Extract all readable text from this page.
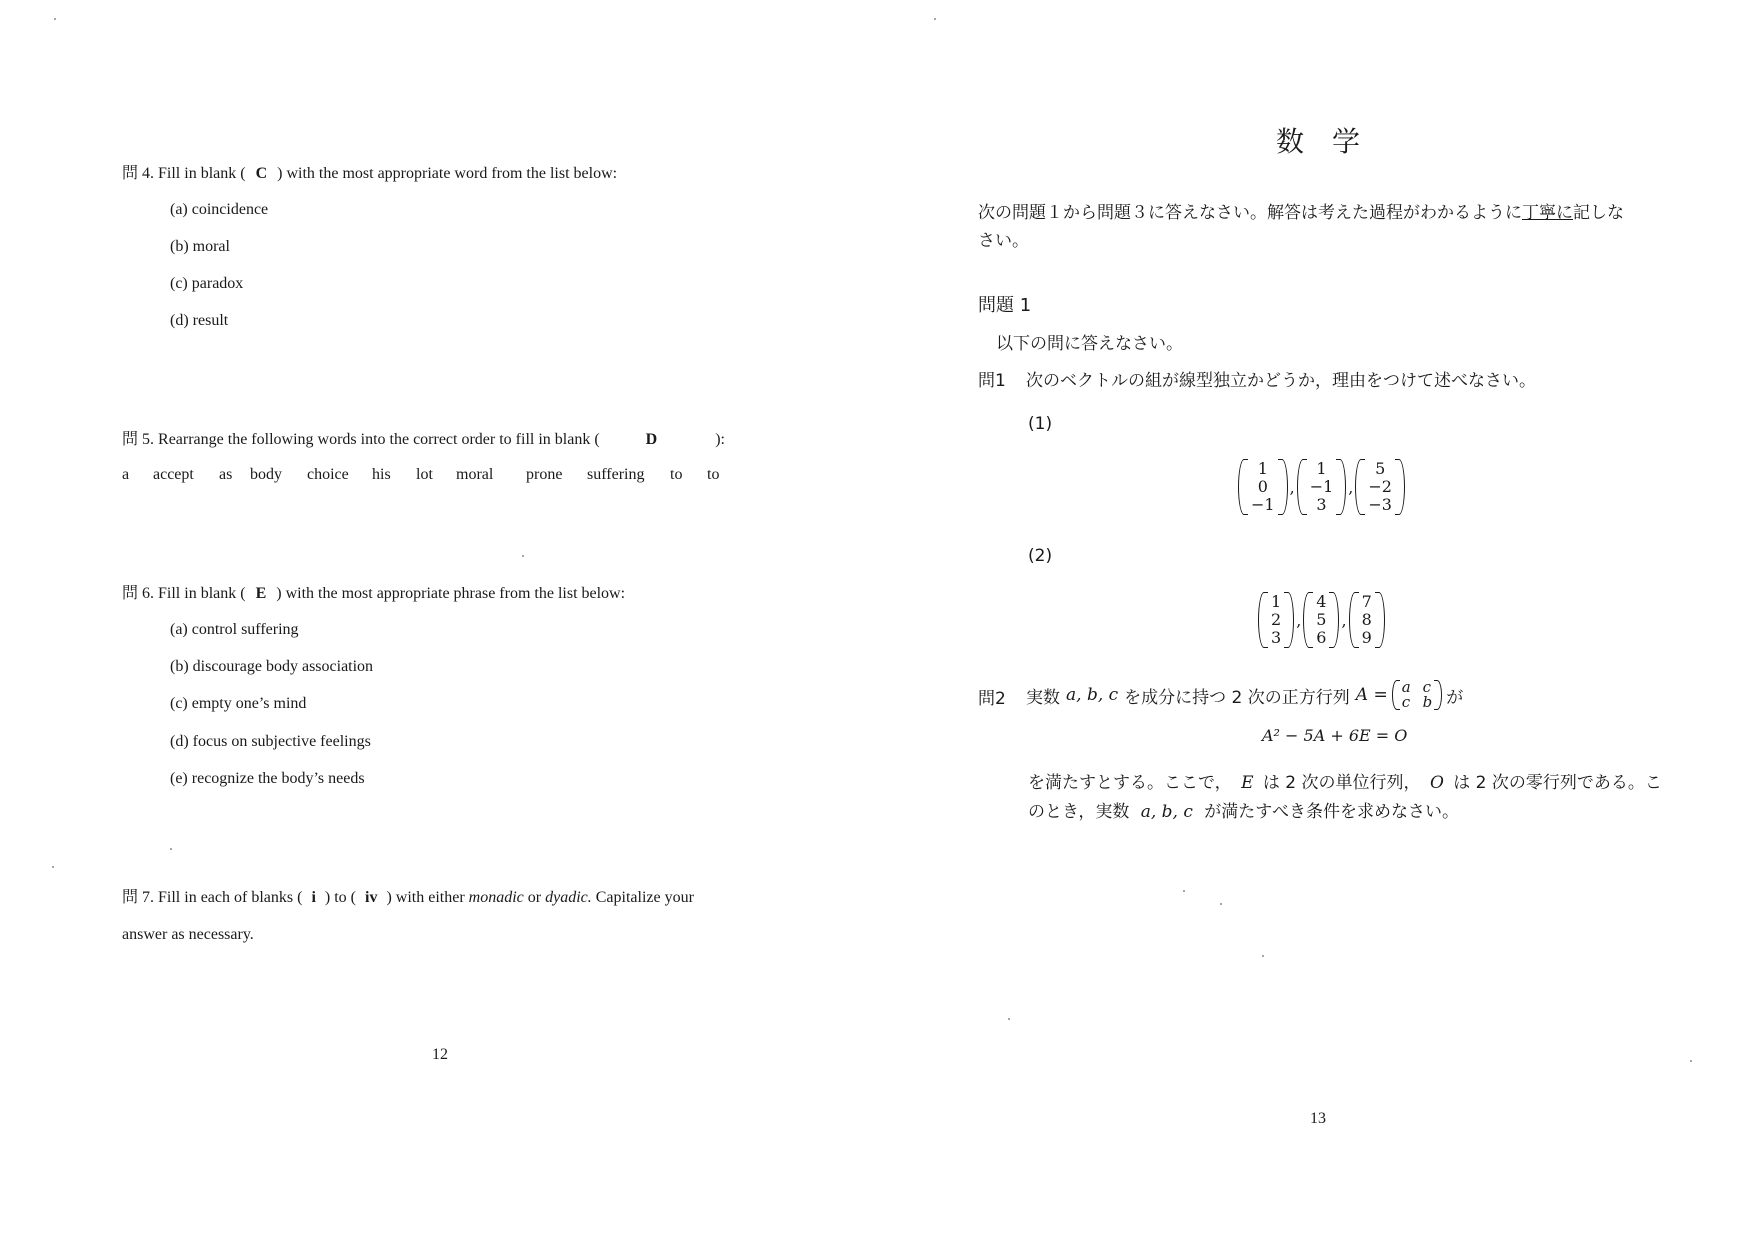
問 4. Fill in blank ( C ) with the most appropriate word from the list below:
(a) coincidence
(b) moral
(c) paradox
(d) result
問 5. Rearrange the following words into the correct order to fill in blank (	D	):
a	accept	as	body	choice	his	lot	moral	prone	suffering	to	to
問 6. Fill in blank ( E ) with the most appropriate phrase from the list below:
(a) control suffering
(b) discourage body association
(c) empty one’s mind
(d) focus on subjective feelings
(e) recognize the body’s needs
問 7. Fill in each of blanks ( i ) to ( iv ) with either monadic or dyadic. Capitalize your
answer as necessary.
12
数　学
次の問題１から問題３に答えなさい。解答は考えた過程がわかるように丁寧に記しな
さい。
問題 1
以下の問に答えなさい。
問1 次のベクトルの組が線型独立かどうか，理由をつけて述べなさい。
(1)
1
0
−1
,
1
−1
3
,
5
−2
−3
(2)
1
2
3
,
4
5
6
,
7
8
9
問2 実数 a, b, c を成分に持つ 2 次の正方行列 A = a c
c b が
A² − 5A + 6E = O
を満たすとする。ここで， E は 2 次の単位行列， O は 2 次の零行列である。こ
のとき，実数 a, b, c が満たすべき条件を求めなさい。
13
